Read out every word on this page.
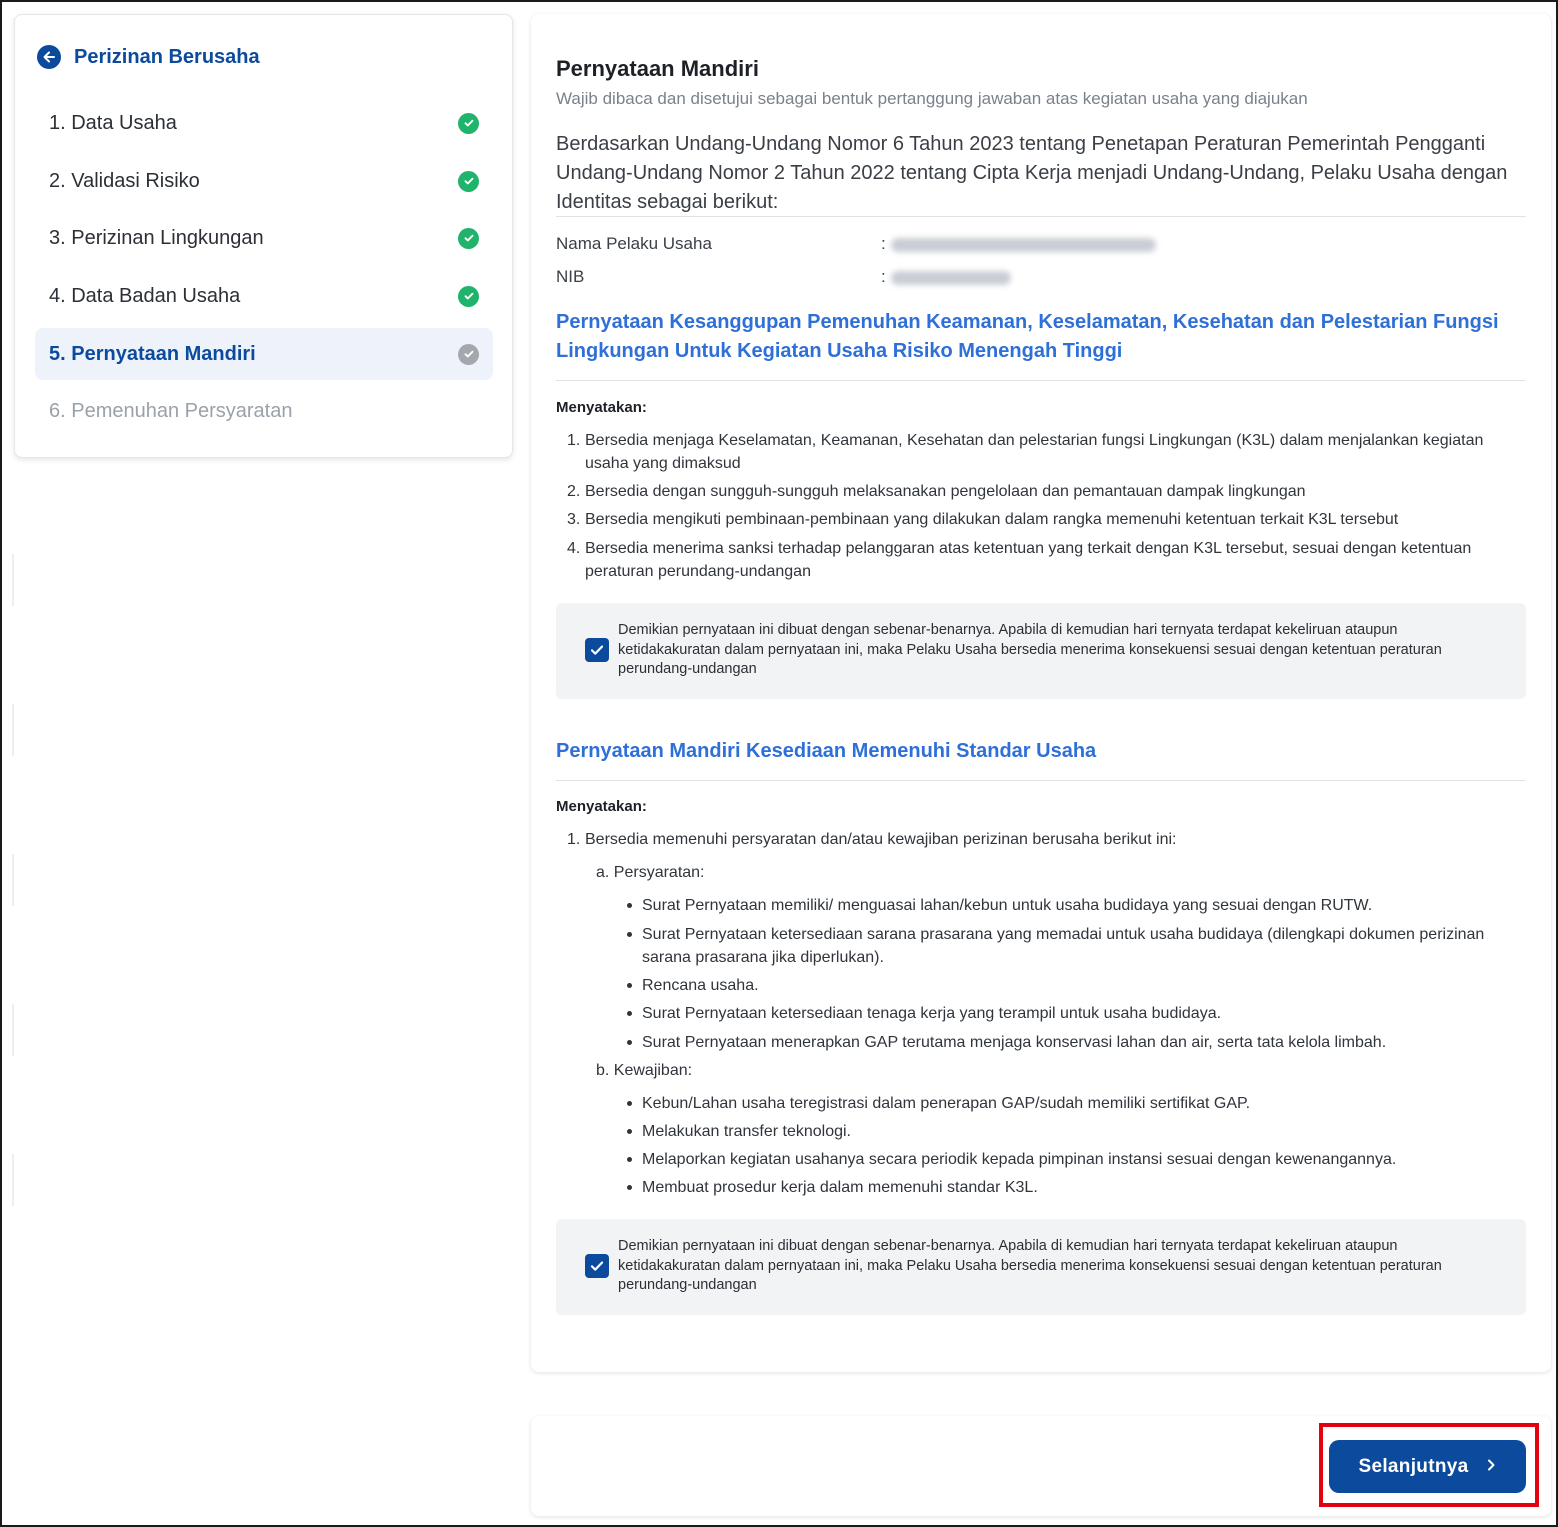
Perizinan Berusaha
1. Data Usaha
2. Validasi Risiko
3. Perizinan Lingkungan
4. Data Badan Usaha
5. Pernyataan Mandiri
6. Pemenuhan Persyaratan
Pernyataan Mandiri

Wajib dibaca dan disetujui sebagai bentuk pertanggung jawaban atas kegiatan usaha yang diajukan

Berdasarkan Undang-Undang Nomor 6 Tahun 2023 tentang Penetapan Peraturan Pemerintah Pengganti Undang-Undang Nomor 2 Tahun 2022 tentang Cipta Kerja menjadi Undang-Undang, Pelaku Usaha dengan Identitas sebagai berikut:

Nama Pelaku Usaha	:
NIB	:
Pernyataan Kesanggupan Pemenuhan Keamanan, Keselamatan, Kesehatan dan Pelestarian Fungsi Lingkungan Untuk Kegiatan Usaha Risiko Menengah Tinggi

Menyatakan:

1. Bersedia menjaga Keselamatan, Keamanan, Kesehatan dan pelestarian fungsi Lingkungan (K3L) dalam menjalankan kegiatan usaha yang dimaksud
2. Bersedia dengan sungguh-sungguh melaksanakan pengelolaan dan pemantauan dampak lingkungan
3. Bersedia mengikuti pembinaan-pembinaan yang dilakukan dalam rangka memenuhi ketentuan terkait K3L tersebut
4. Bersedia menerima sanksi terhadap pelanggaran atas ketentuan yang terkait dengan K3L tersebut, sesuai dengan ketentuan peraturan perundang-undangan

Demikian pernyataan ini dibuat dengan sebenar-benarnya. Apabila di kemudian hari ternyata terdapat kekeliruan ataupun ketidakakuratan dalam pernyataan ini, maka Pelaku Usaha bersedia menerima konsekuensi sesuai dengan ketentuan peraturan perundang-undangan

Pernyataan Mandiri Kesediaan Memenuhi Standar Usaha

Menyatakan:

1. Bersedia memenuhi persyaratan dan/atau kewajiban perizinan berusaha berikut ini:

a. Persyaratan:

Surat Pernyataan memiliki/ menguasai lahan/kebun untuk usaha budidaya yang sesuai dengan RUTW.

Surat Pernyataan ketersediaan sarana prasarana yang memadai untuk usaha budidaya (dilengkapi dokumen perizinan sarana prasarana jika diperlukan).

Rencana usaha.

Surat Pernyataan ketersediaan tenaga kerja yang terampil untuk usaha budidaya.

Surat Pernyataan menerapkan GAP terutama menjaga konservasi lahan dan air, serta tata kelola limbah.

b. Kewajiban:

Kebun/Lahan usaha teregistrasi dalam penerapan GAP/sudah memiliki sertifikat GAP.

Melakukan transfer teknologi.

Melaporkan kegiatan usahanya secara periodik kepada pimpinan instansi sesuai dengan kewenangannya.

Membuat prosedur kerja dalam memenuhi standar K3L.

Demikian pernyataan ini dibuat dengan sebenar-benarnya. Apabila di kemudian hari ternyata terdapat kekeliruan ataupun ketidakakuratan dalam pernyataan ini, maka Pelaku Usaha bersedia menerima konsekuensi sesuai dengan ketentuan peraturan perundang-undangan

Selanjutnya
